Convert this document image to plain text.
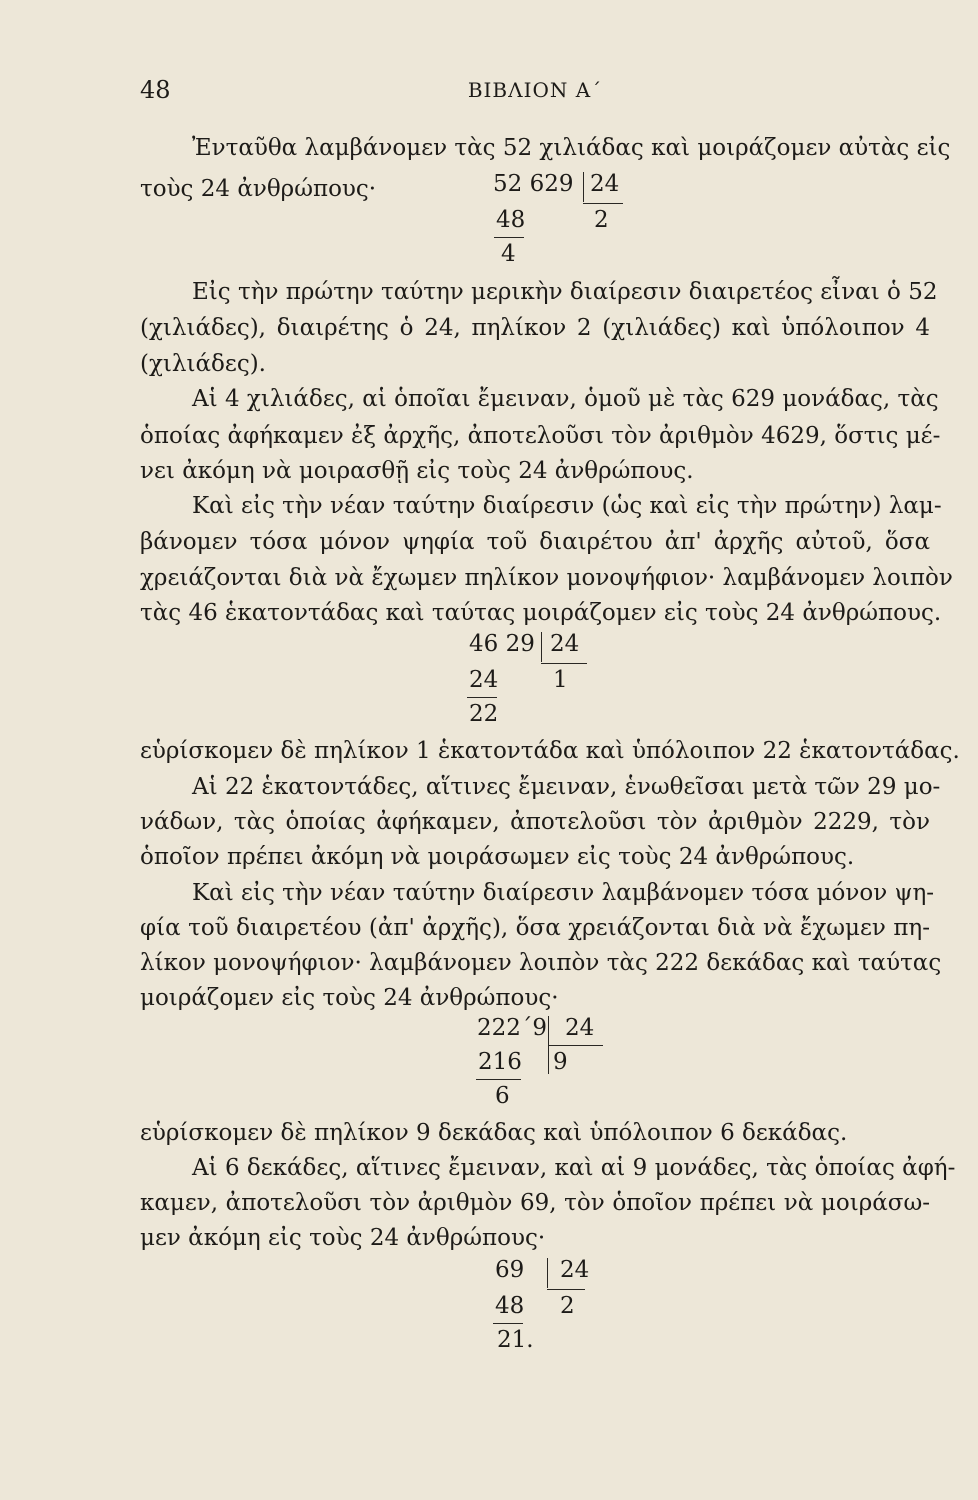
48	ΒΙΒΛΙΟΝ Α΄
Ἐνταῦθα λαμβάνομεν τὰς 52 χιλιάδας καὶ μοιράζομεν αὐτὰς εἰς
τοὺς 24 ἀνθρώπους·	52 629 24
48	2
4
Εἰς τὴν πρώτην ταύτην μερικὴν διαίρεσιν διαιρετέος εἶναι ὁ 52
(χιλιάδες), διαιρέτης ὁ 24, πηλίκον 2 (χιλιάδες) καὶ ὑπόλοιπον 4
(χιλιάδες).
Αἱ 4 χιλιάδες, αἱ ὁποῖαι ἔμειναν, ὁμοῦ μὲ τὰς 629 μονάδας, τὰς
ὁποίας ἀφήκαμεν ἐξ ἀρχῆς, ἀποτελοῦσι τὸν ἀριθμὸν 4629, ὅστις μέ-
νει ἀκόμη νὰ μοιρασθῇ εἰς τοὺς 24 ἀνθρώπους.
Καὶ εἰς τὴν νέαν ταύτην διαίρεσιν (ὡς καὶ εἰς τὴν πρώτην) λαμ-
βάνομεν τόσα μόνον ψηφία τοῦ διαιρέτου ἀπ' ἀρχῆς αὐτοῦ, ὅσα
χρειάζονται διὰ νὰ ἔχωμεν πηλίκον μονοψήφιον· λαμβάνομεν λοιπὸν
τὰς 46 ἑκατοντάδας καὶ ταύτας μοιράζομεν εἰς τοὺς 24 ἀνθρώπους.
46 29 24
24 1
22
εὑρίσκομεν δὲ πηλίκον 1 ἑκατοντάδα καὶ ὑπόλοιπον 22 ἑκατοντάδας.
Αἱ 22 ἑκατοντάδες, αἵτινες ἔμειναν, ἑνωθεῖσαι μετὰ τῶν 29 μο-
νάδων, τὰς ὁποίας ἀφήκαμεν, ἀποτελοῦσι τὸν ἀριθμὸν 2229, τὸν
ὁποῖον πρέπει ἀκόμη νὰ μοιράσωμεν εἰς τοὺς 24 ἀνθρώπους.
Καὶ εἰς τὴν νέαν ταύτην διαίρεσιν λαμβάνομεν τόσα μόνον ψη-
φία τοῦ διαιρετέου (ἀπ' ἀρχῆς), ὅσα χρειάζονται διὰ νὰ ἔχωμεν πη-
λίκον μονοψήφιον· λαμβάνομεν λοιπὸν τὰς 222 δεκάδας καὶ ταύτας
μοιράζομεν εἰς τοὺς 24 ἀνθρώπους·
222΄9 24
216 9
6
εὑρίσκομεν δὲ πηλίκον 9 δεκάδας καὶ ὑπόλοιπον 6 δεκάδας.
Αἱ 6 δεκάδες, αἵτινες ἔμειναν, καὶ αἱ 9 μονάδες, τὰς ὁποίας ἀφή-
καμεν, ἀποτελοῦσι τὸν ἀριθμὸν 69, τὸν ὁποῖον πρέπει νὰ μοιράσω-
μεν ἀκόμη εἰς τοὺς 24 ἀνθρώπους·
69 24
48 2
21.
